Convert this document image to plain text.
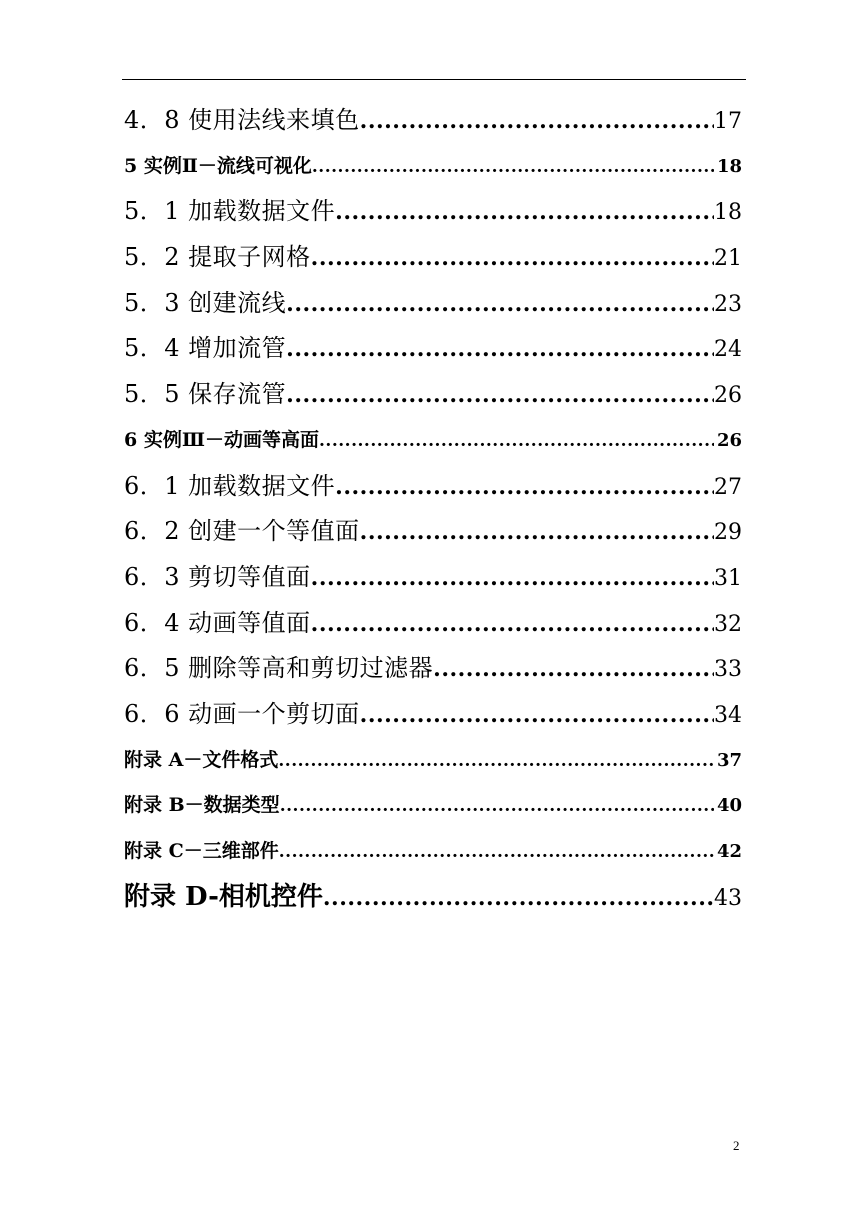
4．8 使用法线来填色 .....	17
5 实例Ⅱ－流线可视化 .....	18
5．1 加载数据文件 .....	18
5．2 提取子网格 .....	21
5．3 创建流线 .....	23
5．4 增加流管 .....	24
5．5 保存流管 .....	26
6 实例Ⅲ－动画等高面 .....	26
6．1 加载数据文件 .....	27
6．2 创建一个等值面 .....	29
6．3 剪切等值面 .....	31
6．4 动画等值面 .....	32
6．5 删除等高和剪切过滤器 .....	33
6．6 动画一个剪切面 .....	34
附录 A－文件格式 .....	37
附录 B－数据类型 .....	40
附录 C－三维部件 .....	42
附录 D-相机控件 .....	43
2
